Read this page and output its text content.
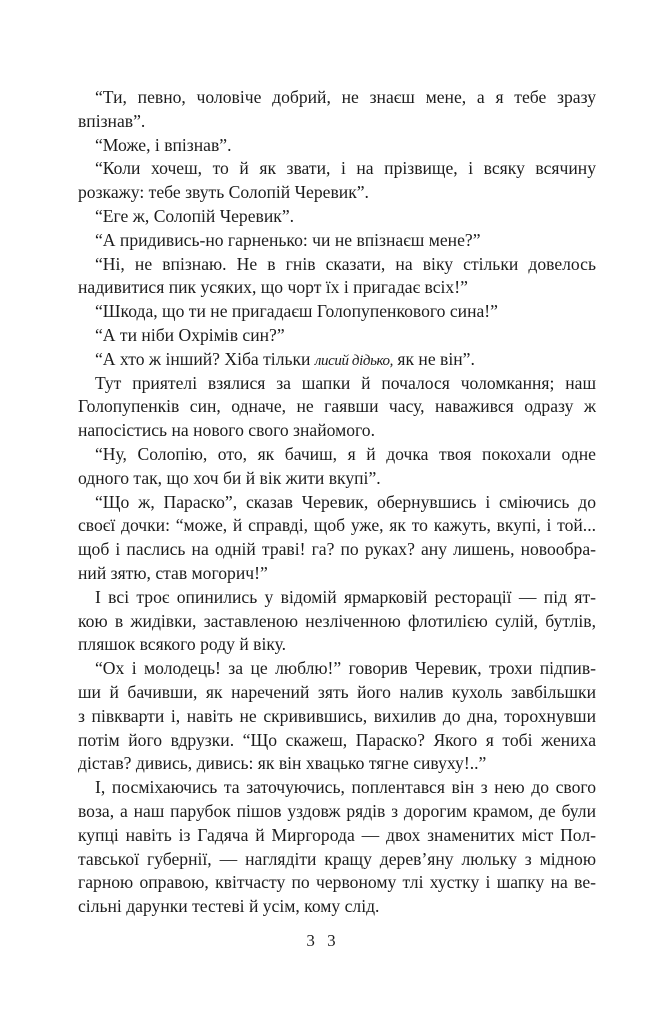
“Ти, певно, чоловіче добрий, не знаєш мене, а я тебе зразу
впізнав”.
“Може, і впізнав”.
“Коли хочеш, то й як звати, і на прізвище, і всяку всячину
розкажу: тебе звуть Солопій Черевик”.
“Еге ж, Солопій Черевик”.
“А придивись-но гарненько: чи не впізнаєш мене?”
“Ні, не впізнаю. Не в гнів сказати, на віку стільки довелось
надивитися пик усяких, що чорт їх і пригадає всіх!”
“Шкода, що ти не пригадаєш Голопупенкового сина!”
“А ти ніби Охрімів син?”
“А хто ж інший? Хіба тільки лисий дідько, як не він”.
Тут приятелі взялися за шапки й почалося чоломкання; наш
Голопупенків син, одначе, не гаявши часу, наважився одразу ж
напосістись на нового свого знайомого.
“Ну, Солопію, ото, як бачиш, я й дочка твоя покохали одне
одного так, що хоч би й вік жити вкупі”.
“Що ж, Параско”, сказав Черевик, обернувшись і сміючись до
своєї дочки: “може, й справді, щоб уже, як то кажуть, вкупі, і той...
щоб і паслись на одній траві! га? по руках? ану лишень, новообра-
ний зятю, став могорич!”
І всі троє опинились у відомій ярмарковій ресторації — під ят-
кою в жидівки, заставленою незліченною флотилією сулій, бутлів,
пляшок всякого роду й віку.
“Ох і молодець! за це люблю!” говорив Черевик, трохи підпив-
ши й бачивши, як наречений зять його налив кухоль завбільшки
з півкварти і, навіть не скривившись, вихилив до дна, торохнувши
потім його вдрузки. “Що скажеш, Параско? Якого я тобі жениха
дістав? дивись, дивись: як він хвацько тягне сивуху!..”
І, посміхаючись та заточуючись, поплентався він з нею до свого
воза, а наш парубок пішов уздовж рядів з дорогим крамом, де були
купці навіть із Гадяча й Миргорода — двох знаменитих міст Пол-
тавської губернії, — наглядіти кращу дерев’яну люльку з мідною
гарною оправою, квітчасту по червоному тлі хустку і шапку на ве-
сільні дарунки тестеві й усім, кому слід.
3 3
